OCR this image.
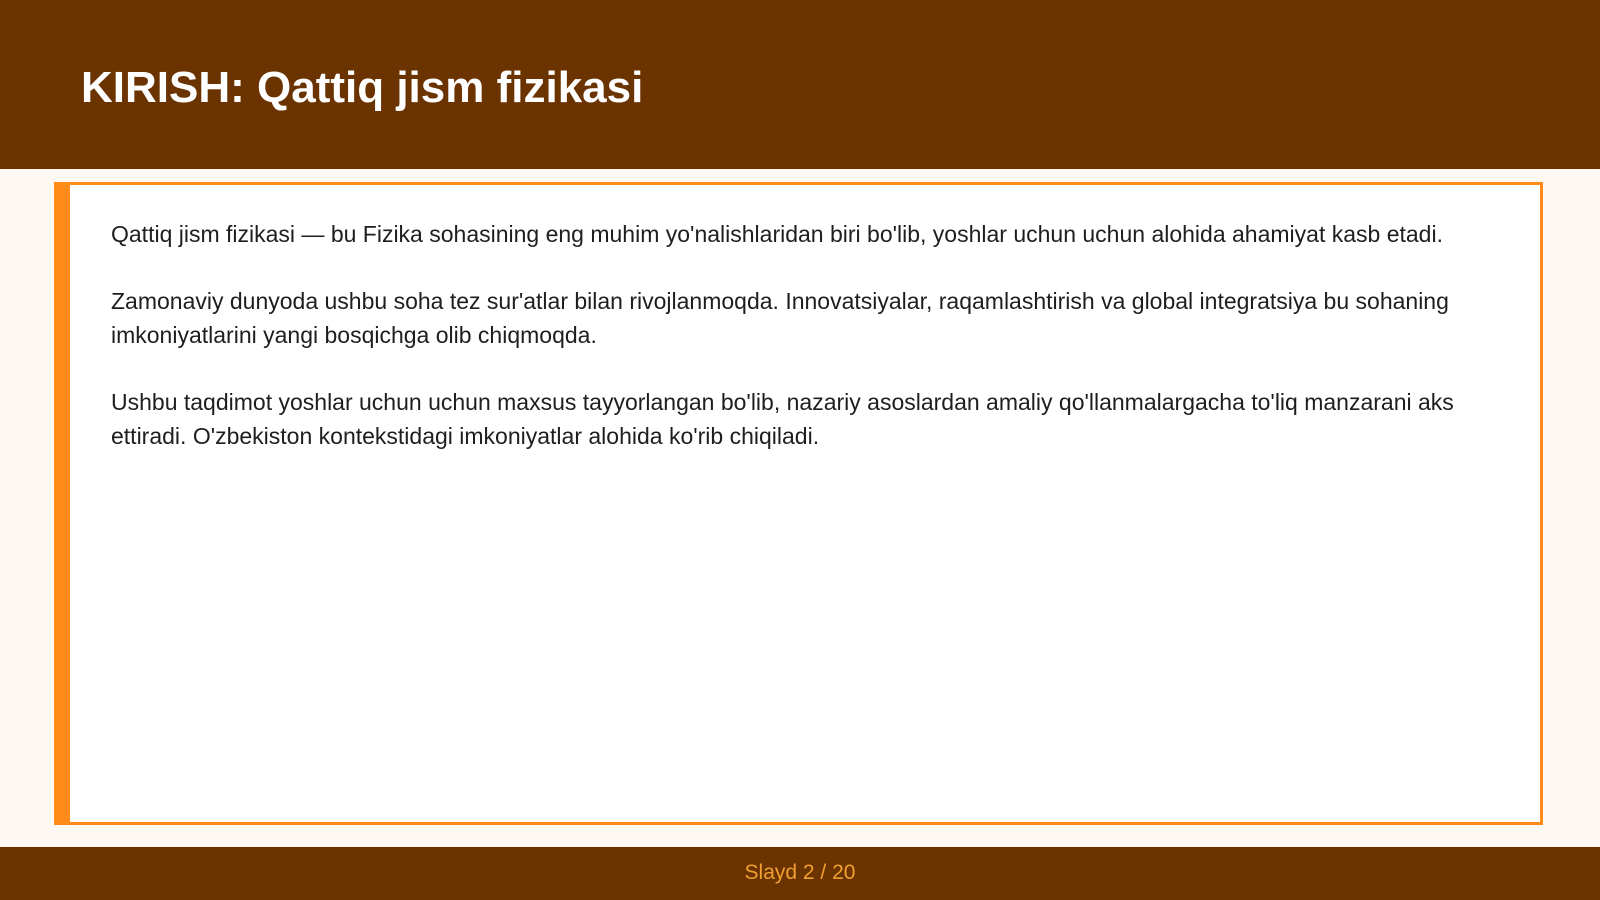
KIRISH: Qattiq jism fizikasi

Qattiq jism fizikasi — bu Fizika sohasining eng muhim yo'nalishlaridan biri bo'lib, yoshlar uchun uchun alohida ahamiyat kasb etadi.

Zamonaviy dunyoda ushbu soha tez sur'atlar bilan rivojlanmoqda. Innovatsiyalar, raqamlashtirish va global integratsiya bu sohaning imkoniyatlarini yangi bosqichga olib chiqmoqda.

Ushbu taqdimot yoshlar uchun uchun maxsus tayyorlangan bo'lib, nazariy asoslardan amaliy qo'llanmalargacha to'liq manzarani aks ettiradi. O'zbekiston kontekstidagi imkoniyatlar alohida ko'rib chiqiladi.

Slayd 2 / 20
